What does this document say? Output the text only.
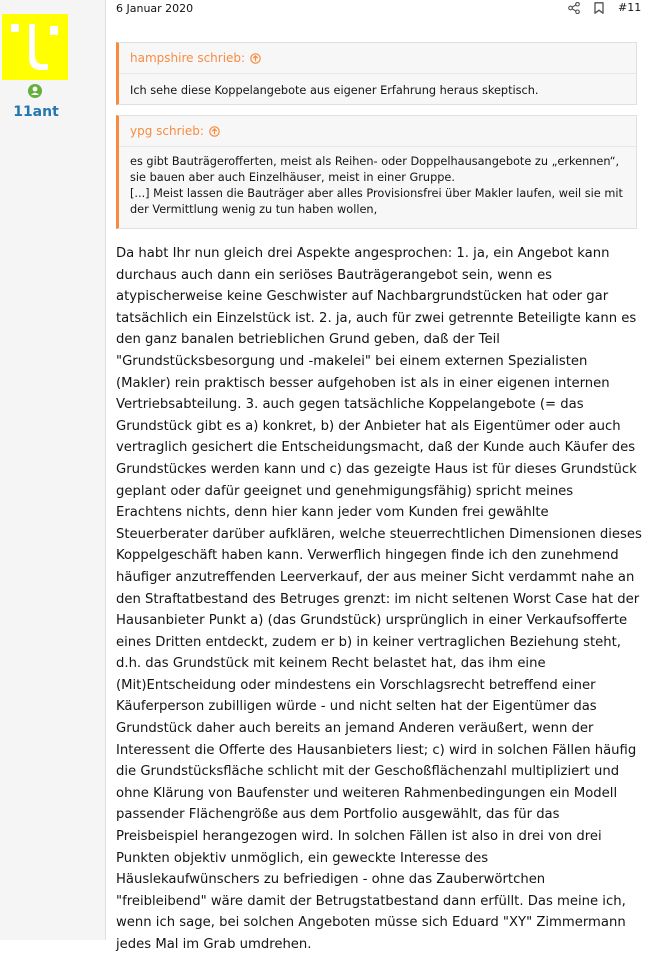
11ant
6 Januar 2020	#11
hampshire schrieb:
Ich sehe diese Koppelangebote aus eigener Erfahrung heraus skeptisch.
ypg schrieb:
es gibt Bauträgerofferten, meist als Reihen- oder Doppelhausangebote zu „erkennen“,
sie bauen aber auch Einzelhäuser, meist in einer Gruppe.
[...] Meist lassen die Bauträger aber alles Provisionsfrei über Makler laufen, weil sie mit
der Vermittlung wenig zu tun haben wollen,
Da habt Ihr nun gleich drei Aspekte angesprochen: 1. ja, ein Angebot kann
durchaus auch dann ein seriöses Bauträgerangebot sein, wenn es
atypischerweise keine Geschwister auf Nachbargrundstücken hat oder gar
tatsächlich ein Einzelstück ist. 2. ja, auch für zwei getrennte Beteiligte kann es
den ganz banalen betrieblichen Grund geben, daß der Teil
"Grundstücksbesorgung und -makelei" bei einem externen Spezialisten
(Makler) rein praktisch besser aufgehoben ist als in einer eigenen internen
Vertriebsabteilung. 3. auch gegen tatsächliche Koppelangebote (= das
Grundstück gibt es a) konkret, b) der Anbieter hat als Eigentümer oder auch
vertraglich gesichert die Entscheidungsmacht, daß der Kunde auch Käufer des
Grundstückes werden kann und c) das gezeigte Haus ist für dieses Grundstück
geplant oder dafür geeignet und genehmigungsfähig) spricht meines
Erachtens nichts, denn hier kann jeder vom Kunden frei gewählte
Steuerberater darüber aufklären, welche steuerrechtlichen Dimensionen dieses
Koppelgeschäft haben kann. Verwerflich hingegen finde ich den zunehmend
häufiger anzutreffenden Leerverkauf, der aus meiner Sicht verdammt nahe an
den Straftatbestand des Betruges grenzt: im nicht seltenen Worst Case hat der
Hausanbieter Punkt a) (das Grundstück) ursprünglich in einer Verkaufsofferte
eines Dritten entdeckt, zudem er b) in keiner vertraglichen Beziehung steht,
d.h. das Grundstück mit keinem Recht belastet hat, das ihm eine
(Mit)Entscheidung oder mindestens ein Vorschlagsrecht betreffend einer
Käuferperson zubilligen würde - und nicht selten hat der Eigentümer das
Grundstück daher auch bereits an jemand Anderen veräußert, wenn der
Interessent die Offerte des Hausanbieters liest; c) wird in solchen Fällen häufig
die Grundstücksfläche schlicht mit der Geschoßflächenzahl multipliziert und
ohne Klärung von Baufenster und weiteren Rahmenbedingungen ein Modell
passender Flächengröße aus dem Portfolio ausgewählt, das für das
Preisbeispiel herangezogen wird. In solchen Fällen ist also in drei von drei
Punkten objektiv unmöglich, ein geweckte Interesse des
Häuslekaufwünschers zu befriedigen - ohne das Zauberwörtchen
"freibleibend" wäre damit der Betrugstatbestand dann erfüllt. Das meine ich,
wenn ich sage, bei solchen Angeboten müsse sich Eduard "XY" Zimmermann
jedes Mal im Grab umdrehen.
